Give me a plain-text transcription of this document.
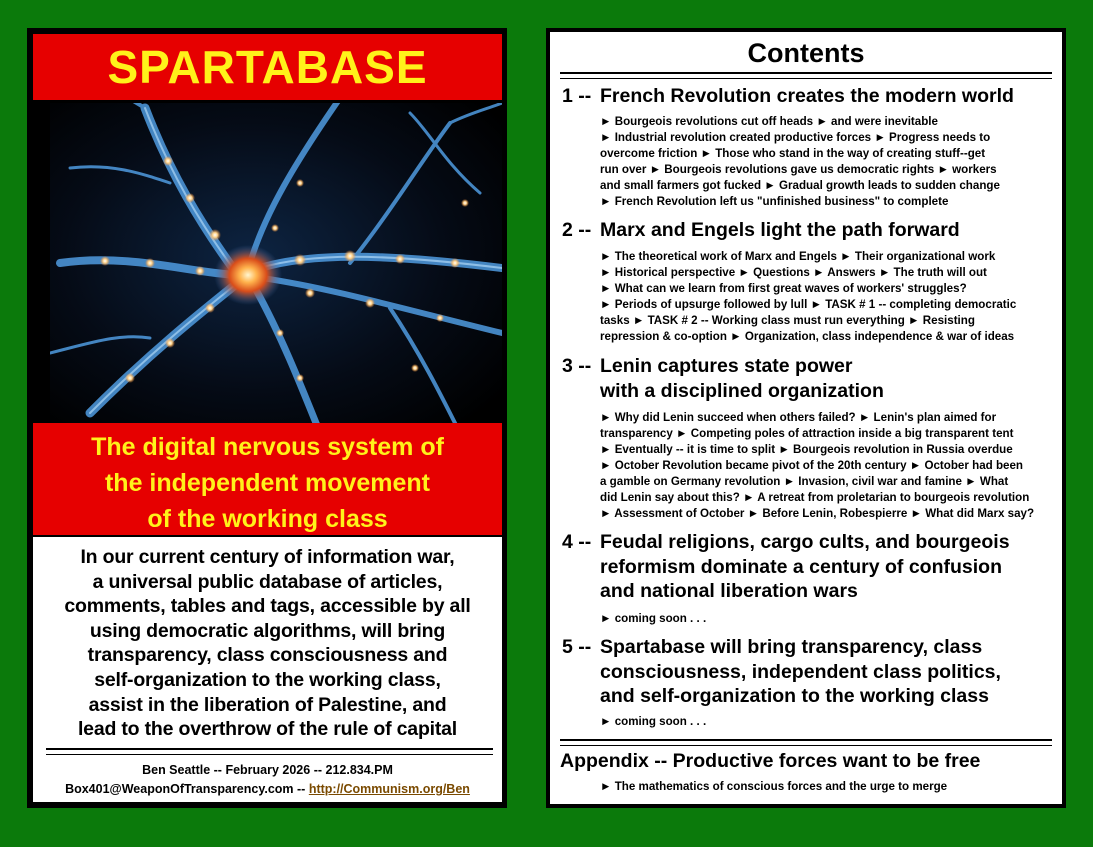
SPARTABASE
The digital nervous system of
the independent movement
of the working class
In our current century of information war,
a universal public database of articles,
comments, tables and tags, accessible by all
using democratic algorithms, will bring
transparency, class consciousness and
self-organization to the working class,
assist in the liberation of Palestine, and
lead to the overthrow of the rule of capital
Ben Seattle -- February 2026 -- 212.834.PM
Box401@WeaponOfTransparency.com -- http://Communism.org/Ben
Contents
1 -- French Revolution creates the modern world
► Bourgeois revolutions cut off heads ► and were inevitable
► Industrial revolution created productive forces ► Progress needs to
overcome friction ► Those who stand in the way of creating stuff--get
run over ► Bourgeois revolutions gave us democratic rights ► workers
and small farmers got fucked ► Gradual growth leads to sudden change
► French Revolution left us "unfinished business" to complete
2 -- Marx and Engels light the path forward
► The theoretical work of Marx and Engels ► Their organizational work
► Historical perspective ► Questions ► Answers ► The truth will out
► What can we learn from first great waves of workers' struggles?
► Periods of upsurge followed by lull ► TASK # 1 -- completing democratic
tasks ► TASK # 2 -- Working class must run everything ► Resisting
repression & co-option ► Organization, class independence & war of ideas
3 -- Lenin captures state power
with a disciplined organization
► Why did Lenin succeed when others failed? ► Lenin's plan aimed for
transparency ► Competing poles of attraction inside a big transparent tent
► Eventually -- it is time to split ► Bourgeois revolution in Russia overdue
► October Revolution became pivot of the 20th century ► October had been
a gamble on Germany revolution ► Invasion, civil war and famine ► What
did Lenin say about this? ► A retreat from proletarian to bourgeois revolution
► Assessment of October ► Before Lenin, Robespierre ► What did Marx say?
4 -- Feudal religions, cargo cults, and bourgeois
reformism dominate a century of confusion
and national liberation wars
► coming soon . . .
5 -- Spartabase will bring transparency, class
consciousness, independent class politics,
and self-organization to the working class
► coming soon . . .
Appendix -- Productive forces want to be free
► The mathematics of conscious forces and the urge to merge
